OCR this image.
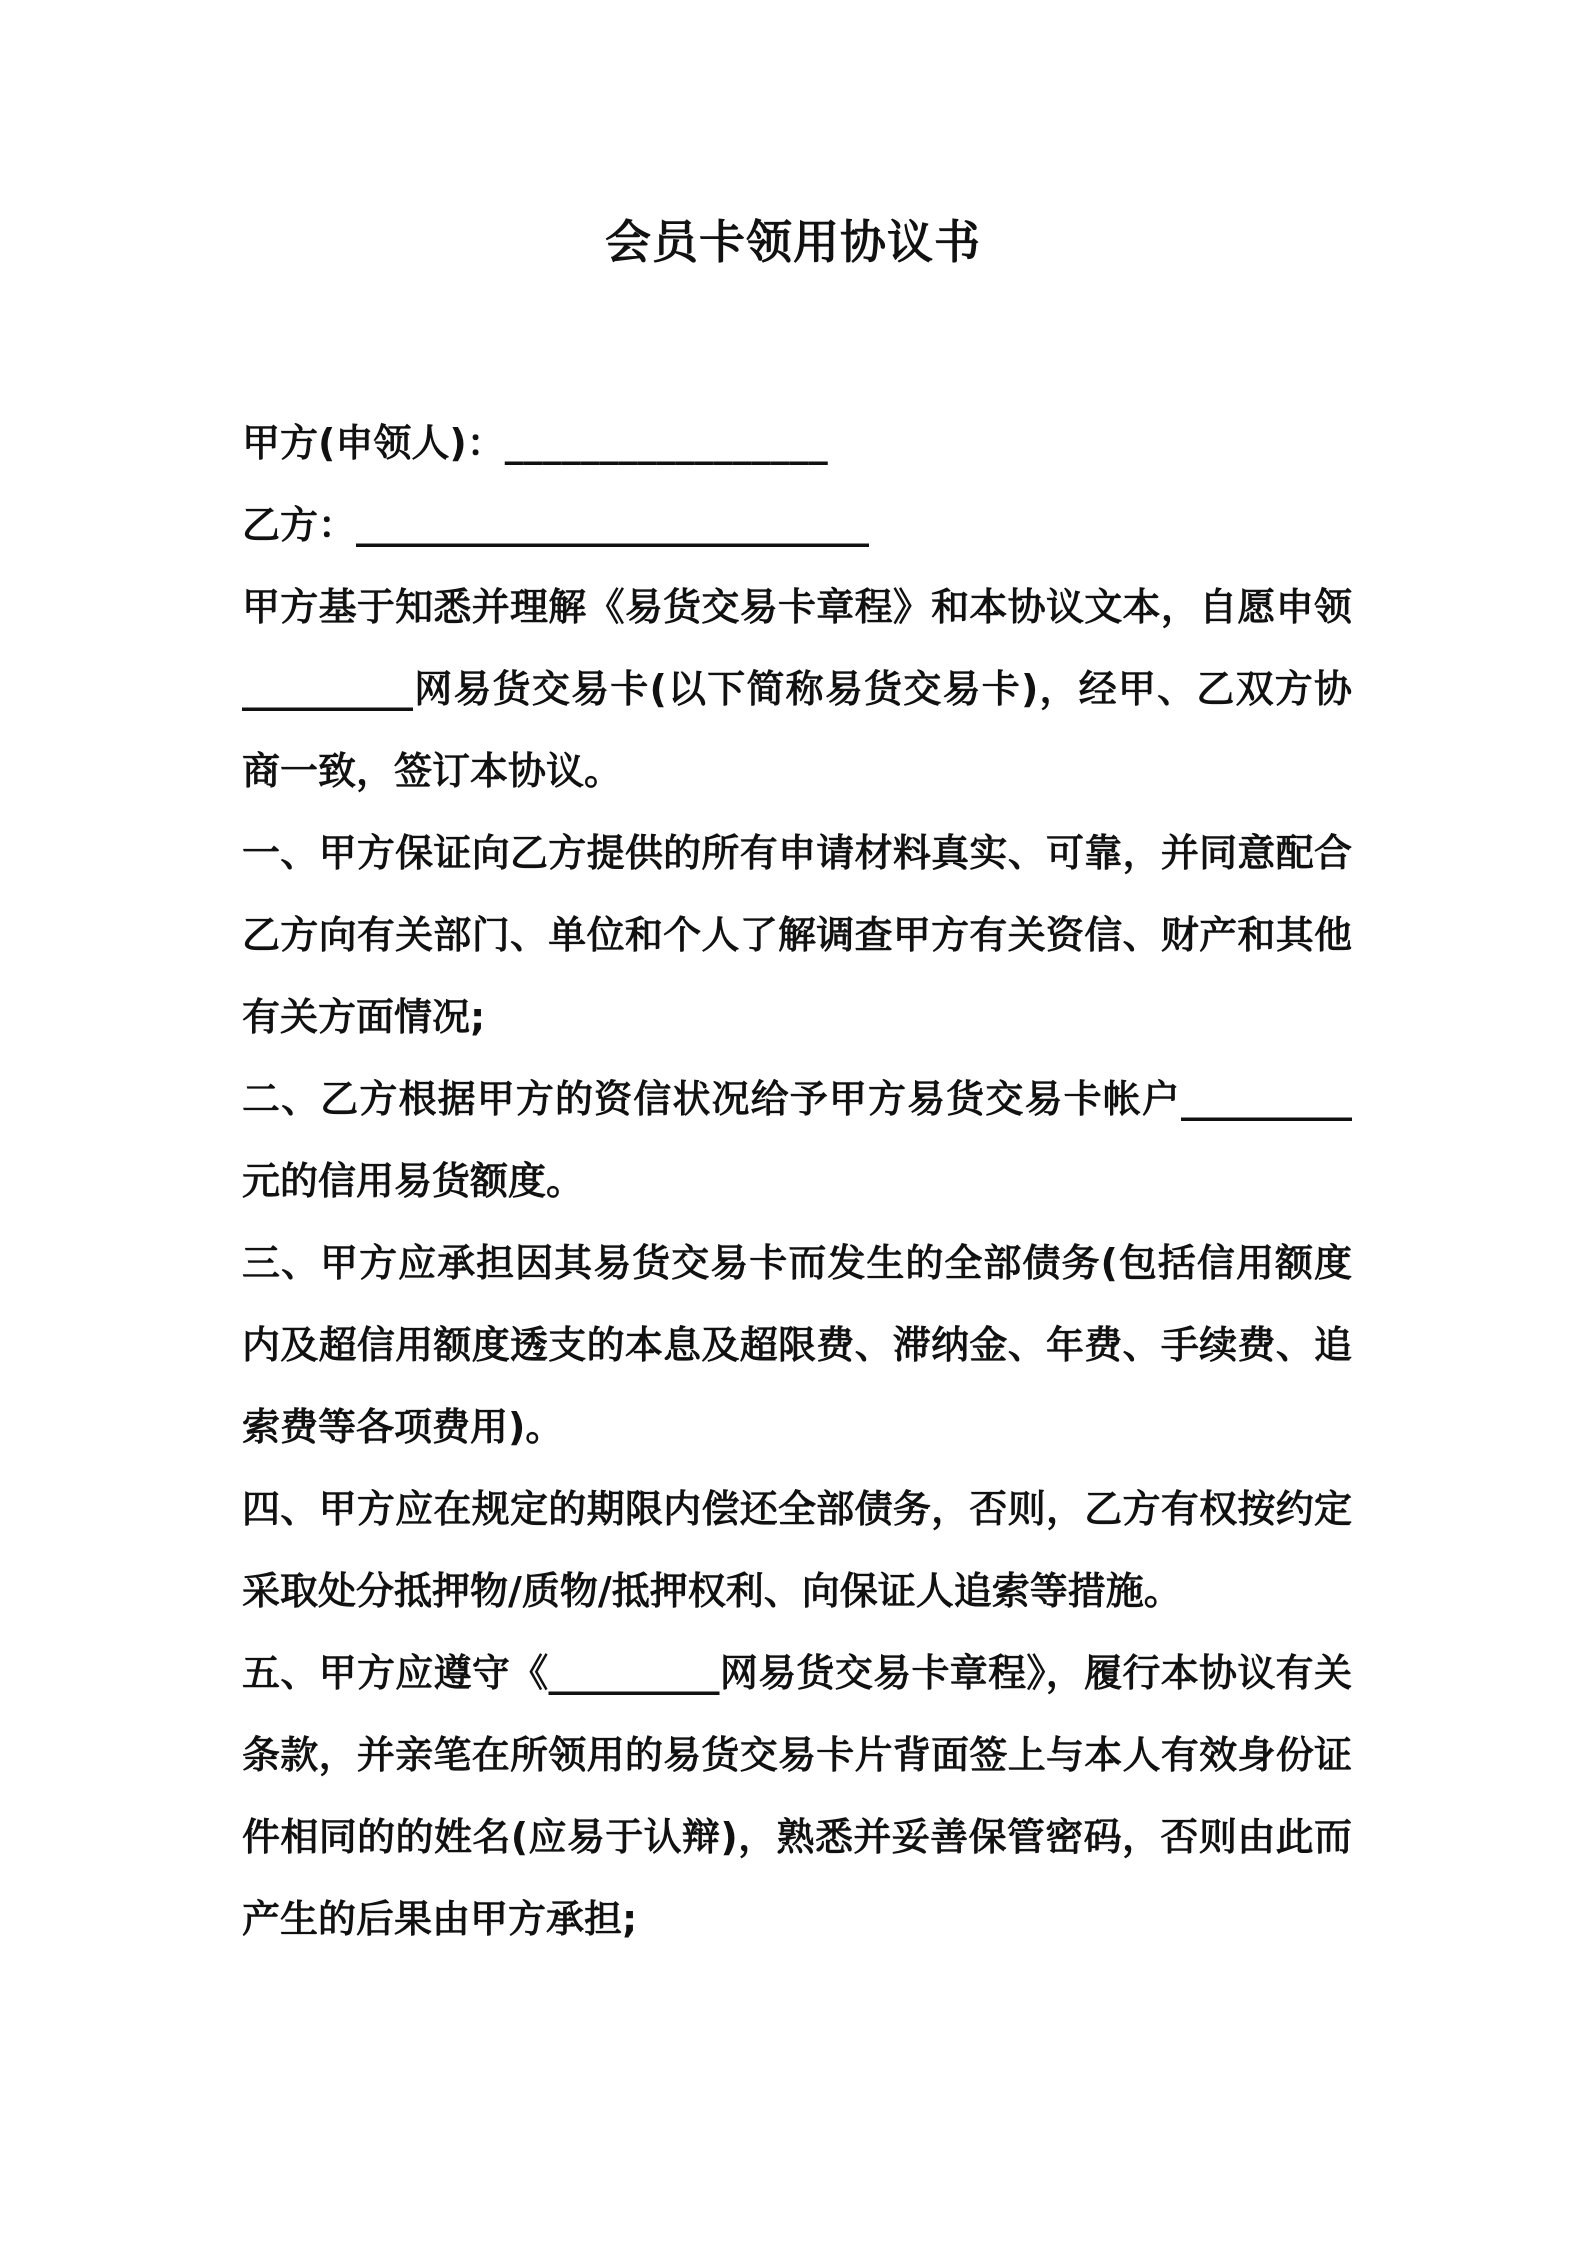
会员卡领用协议书

甲方(申领人)：_________________

乙方：___________________________

甲方基于知悉并理解《易货交易卡章程》和本协议文本，自愿申领_________网易货交易卡(以下简称易货交易卡)，经甲、乙双方协商一致，签订本协议。

一、甲方保证向乙方提供的所有申请材料真实、可靠，并同意配合乙方向有关部门、单位和个人了解调查甲方有关资信、财产和其他有关方面情况;

二、乙方根据甲方的资信状况给予甲方易货交易卡帐户_________元的信用易货额度。

三、甲方应承担因其易货交易卡而发生的全部债务(包括信用额度内及超信用额度透支的本息及超限费、滞纳金、年费、手续费、追索费等各项费用)。

四、甲方应在规定的期限内偿还全部债务，否则，乙方有权按约定采取处分抵押物/质物/抵押权利、向保证人追索等措施。

五、甲方应遵守《_________网易货交易卡章程》，履行本协议有关条款，并亲笔在所领用的易货交易卡片背面签上与本人有效身份证件相同的的姓名(应易于认辩)，熟悉并妥善保管密码，否则由此而产生的后果由甲方承担;
